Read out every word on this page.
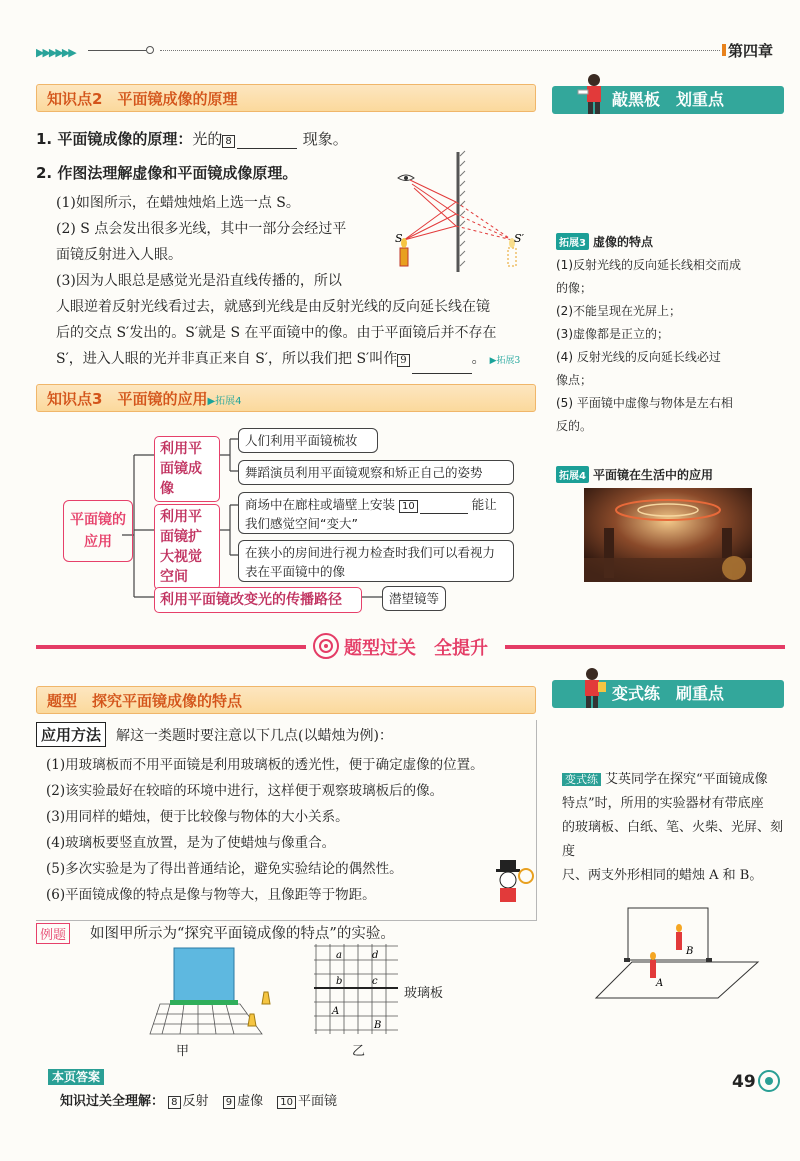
▶▶▶▶▶▶	第四章
知识点2　平面镜成像的原理
1. 平面镜成像的原理：光的 8	现象。
2. 作图法理解虚像和平面镜成像原理。
(1)如图所示，在蜡烛烛焰上选一点 S。
(2) S 点会发出很多光线，其中一部分会经过平
面镜反射进入人眼。
(3)因为人眼总是感觉光是沿直线传播的，所以
人眼逆着反射光线看过去，就感到光线是由反射光线的反向延长线在镜
后的交点 S′发出的。S′就是 S 在平面镜中的像。由于平面镜后并不存在
S′，进入人眼的光并非真正来自 S′，所以我们把 S′叫作 9	。 ▶拓展3
S	S′
知识点3　平面镜的应用▶拓展4
平面镜的应用
利用平面镜成像
利用平面镜扩大视觉空间
利用平面镜改变光的传播路径
人们利用平面镜梳妆
舞蹈演员利用平面镜观察和矫正自己的姿势
商场中在廊柱或墙壁上安装 10	能让我们感觉空间“变大”
在狭小的房间进行视力检查时我们可以看视力表在平面镜中的像
潜望镜等
敲黑板　划重点
拓展3 虚像的特点
(1)反射光线的反向延长线相交而成
的像；
(2)不能呈现在光屏上；
(3)虚像都是正立的；
(4) 反射光线的反向延长线必过
像点；
(5) 平面镜中虚像与物体是左右相
反的。
拓展4 平面镜在生活中的应用
题型过关　全提升
题型　探究平面镜成像的特点
应用方法	解这一类题时要注意以下几点(以蜡烛为例)：
(1)用玻璃板而不用平面镜是利用玻璃板的透光性，便于确定虚像的位置。
(2)该实验最好在较暗的环境中进行，这样便于观察玻璃板后的像。
(3)用同样的蜡烛，便于比较像与物体的大小关系。
(4)玻璃板要竖直放置，是为了使蜡烛与像重合。
(5)多次实验是为了得出普通结论，避免实验结论的偶然性。
(6)平面镜成像的特点是像与物等大，且像距等于物距。
例题 如图甲所示为“探究平面镜成像的特点”的实验。
甲
a	d
b	c
A
B
玻璃板
乙
变式练　刷重点
变式练 艾英同学在探究“平面镜成像
特点”时，所用的实验器材有带底座
的玻璃板、白纸、笔、火柴、光屏、刻度
尺、两支外形相同的蜡烛 A 和 B。
A
B
本页答案
知识过关全理解： 8 反射 9 虚像 10 平面镜
49
